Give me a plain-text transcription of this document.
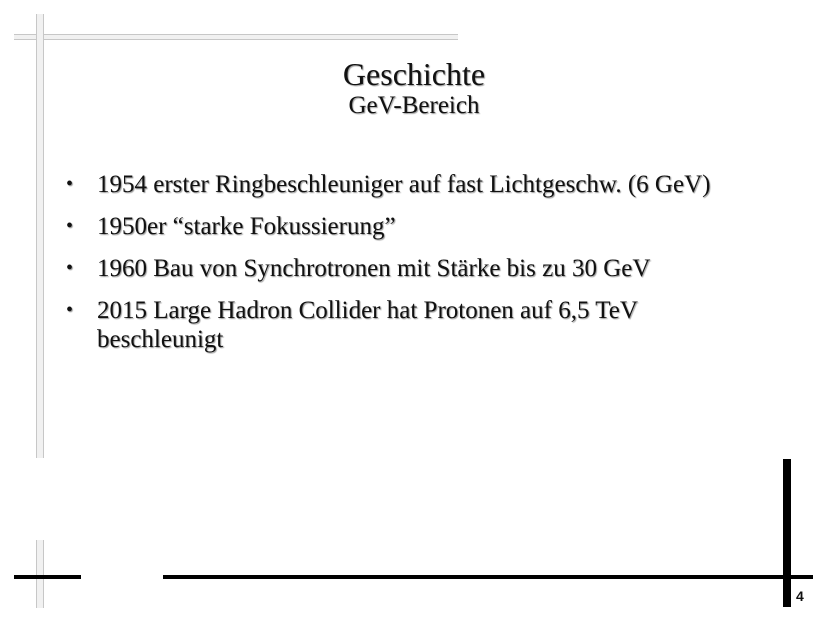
Geschichte
GeV-Bereich
• 1954 erster Ringbeschleuniger auf fast Lichtgeschw. (6 GeV)
• 1950er “starke Fokussierung”
• 1960 Bau von Synchrotronen mit Stärke bis zu 30 GeV
• 2015 Large Hadron Collider hat Protonen auf 6,5 TeV beschleunigt
4
